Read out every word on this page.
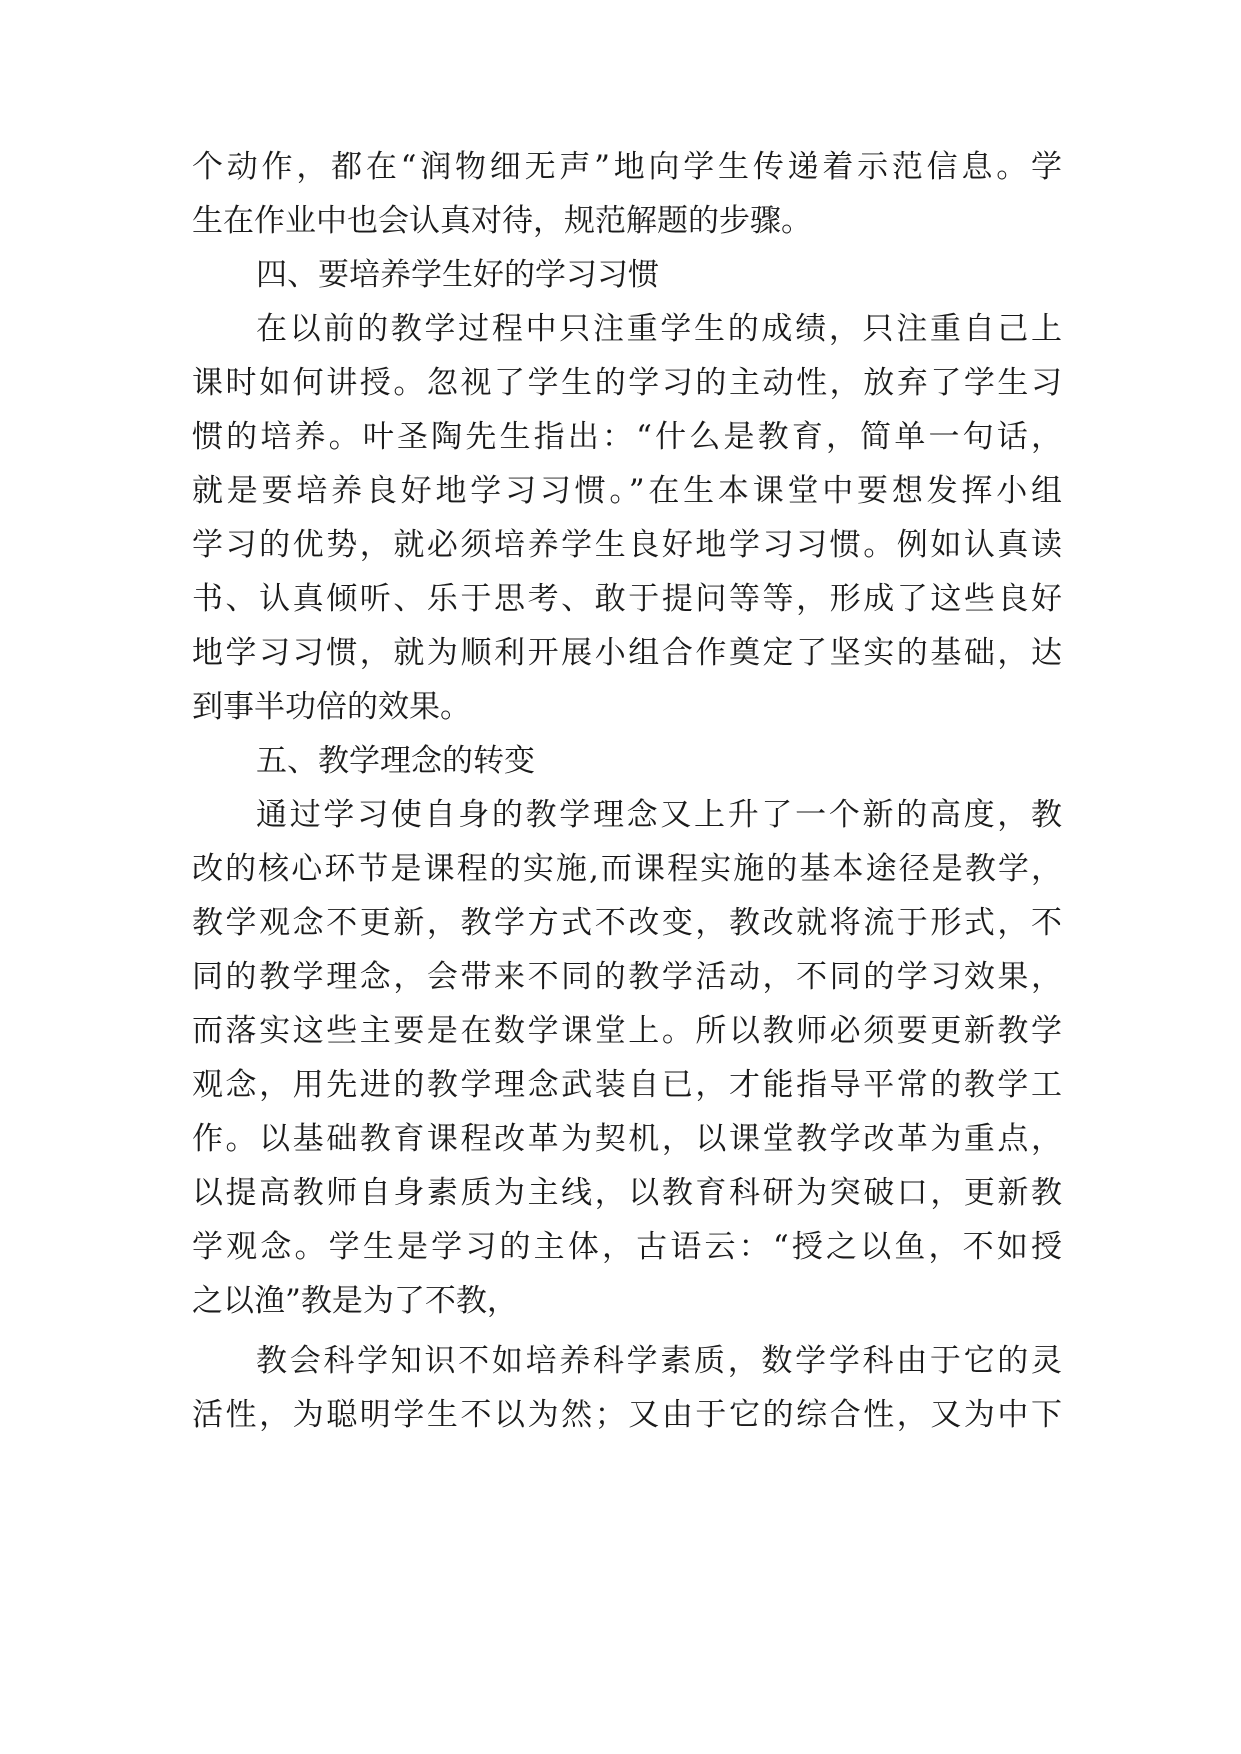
个动作，都在“润物细无声”地向学生传递着示范信息。学
生在作业中也会认真对待，规范解题的步骤。
四、要培养学生好的学习习惯
在以前的教学过程中只注重学生的成绩，只注重自己上
课时如何讲授。忽视了学生的学习的主动性，放弃了学生习
惯的培养。叶圣陶先生指出：“什么是教育，简单一句话，
就是要培养良好地学习习惯。”在生本课堂中要想发挥小组
学习的优势，就必须培养学生良好地学习习惯。例如认真读
书、认真倾听、乐于思考、敢于提问等等，形成了这些良好
地学习习惯，就为顺利开展小组合作奠定了坚实的基础，达
到事半功倍的效果。
五、教学理念的转变
通过学习使自身的教学理念又上升了一个新的高度，教
改的核心环节是课程的实施,而课程实施的基本途径是教学，
教学观念不更新，教学方式不改变，教改就将流于形式，不
同的教学理念，会带来不同的教学活动，不同的学习效果，
而落实这些主要是在数学课堂上。所以教师必须要更新教学
观念，用先进的教学理念武装自已，才能指导平常的教学工
作。以基础教育课程改革为契机，以课堂教学改革为重点，
以提高教师自身素质为主线，以教育科研为突破口，更新教
学观念。学生是学习的主体，古语云：“授之以鱼，不如授
之以渔”教是为了不教，
教会科学知识不如培养科学素质，数学学科由于它的灵
活性，为聪明学生不以为然；又由于它的综合性，又为中下
